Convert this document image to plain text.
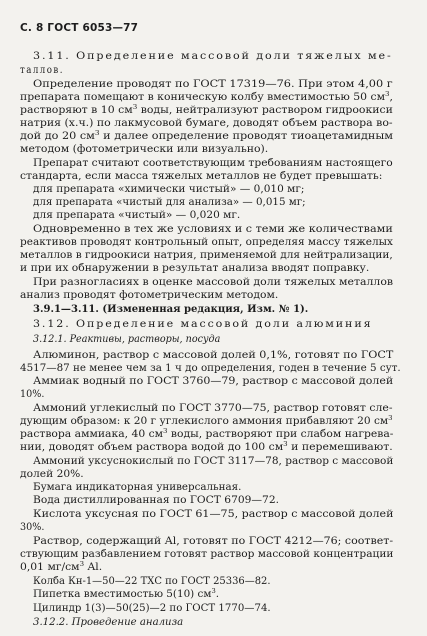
С. 8 ГОСТ 6053—77
3.11. Определение массовой доли тяжелых ме-
таллов.
Определение проводят по ГОСТ 17319—76. При этом 4,00 г
препарата помещают в коническую колбу вместимостью 50 $см^3$,
растворяют в 10 $см^3$ воды, нейтрализуют раствором гидроокиси
натрия (х.ч.) по лакмусовой бумаге, доводят объем раствора во-
дой до 20 $см^3$ и далее определение проводят тиоацетамидным
методом (фотометрически или визуально).
Препарат считают соответствующим требованиям настоящего
стандарта, если масса тяжелых металлов не будет превышать:
для препарата «химически чистый» — 0,010 мг;
для препарата «чистый для анализа» — 0,015 мг;
для препарата «чистый» — 0,020 мг.
Одновременно в тех же условиях и с теми же количествами
реактивов проводят контрольный опыт, определяя массу тяжелых
металлов в гидроокиси натрия, применяемой для нейтрализации,
и при их обнаружении в результат анализа вводят поправку.
При разногласиях в оценке массовой доли тяжелых металлов
анализ проводят фотометрическим методом.
3.9.1—3.11. (Измененная редакция, Изм. № 1).
3.12. Определение массовой доли алюминия
3.12.1. Реактивы, растворы, посуда
Алюминон, раствор с массовой долей 0,1%, готовят по ГОСТ
4517—87 не менее чем за 1 ч до определения, годен в течение 5 сут.
Аммиак водный по ГОСТ 3760—79, раствор с массовой долей
10%.
Аммоний углекислый по ГОСТ 3770—75, раствор готовят сле-
дующим образом: к 20 г углекислого аммония прибавляют 20 $см^3$
раствора аммиака, 40 $см^3$ воды, растворяют при слабом нагрева-
нии, доводят объем раствора водой до 100 $см^3$ и перемешивают.
Аммоний уксуснокислый по ГОСТ 3117—78, раствор с массовой
долей 20%.
Бумага индикаторная универсальная.
Вода дистиллированная по ГОСТ 6709—72.
Кислота уксусная по ГОСТ 61—75, раствор с массовой долей
30%.
Раствор, содержащий Al, готовят по ГОСТ 4212—76; соответ-
ствующим разбавлением готовят раствор массовой концентрации
0,01 $мг/см^3$ Al.
Колба Кн-1—50—22 ТХС по ГОСТ 25336—82.
Пипетка вместимостью 5(10) $см^3$.
Цилиндр 1(3)—50(25)—2 по ГОСТ 1770—74.
3.12.2. Проведение анализа
